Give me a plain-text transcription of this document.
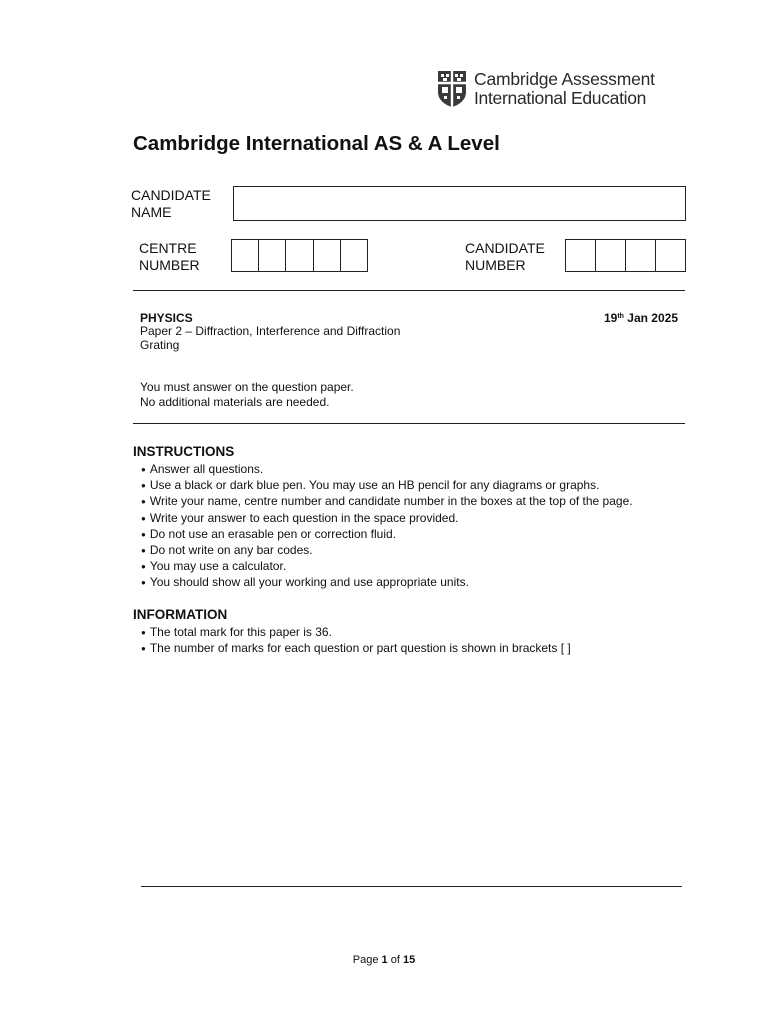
Cambridge Assessment
International Education
Cambridge International AS & A Level
CANDIDATE
NAME
CENTRE
NUMBER
CANDIDATE
NUMBER
PHYSICS
Paper 2 – Diffraction, Interference and Diffraction
Grating
19th Jan 2025
You must answer on the question paper.
No additional materials are needed.
INSTRUCTIONS
● Answer all questions.
● Use a black or dark blue pen. You may use an HB pencil for any diagrams or graphs.
● Write your name, centre number and candidate number in the boxes at the top of the page.
● Write your answer to each question in the space provided.
● Do not use an erasable pen or correction fluid.
● Do not write on any bar codes.
● You may use a calculator.
● You should show all your working and use appropriate units.
INFORMATION
● The total mark for this paper is 36.
● The number of marks for each question or part question is shown in brackets [ ]
Page 1 of 15
